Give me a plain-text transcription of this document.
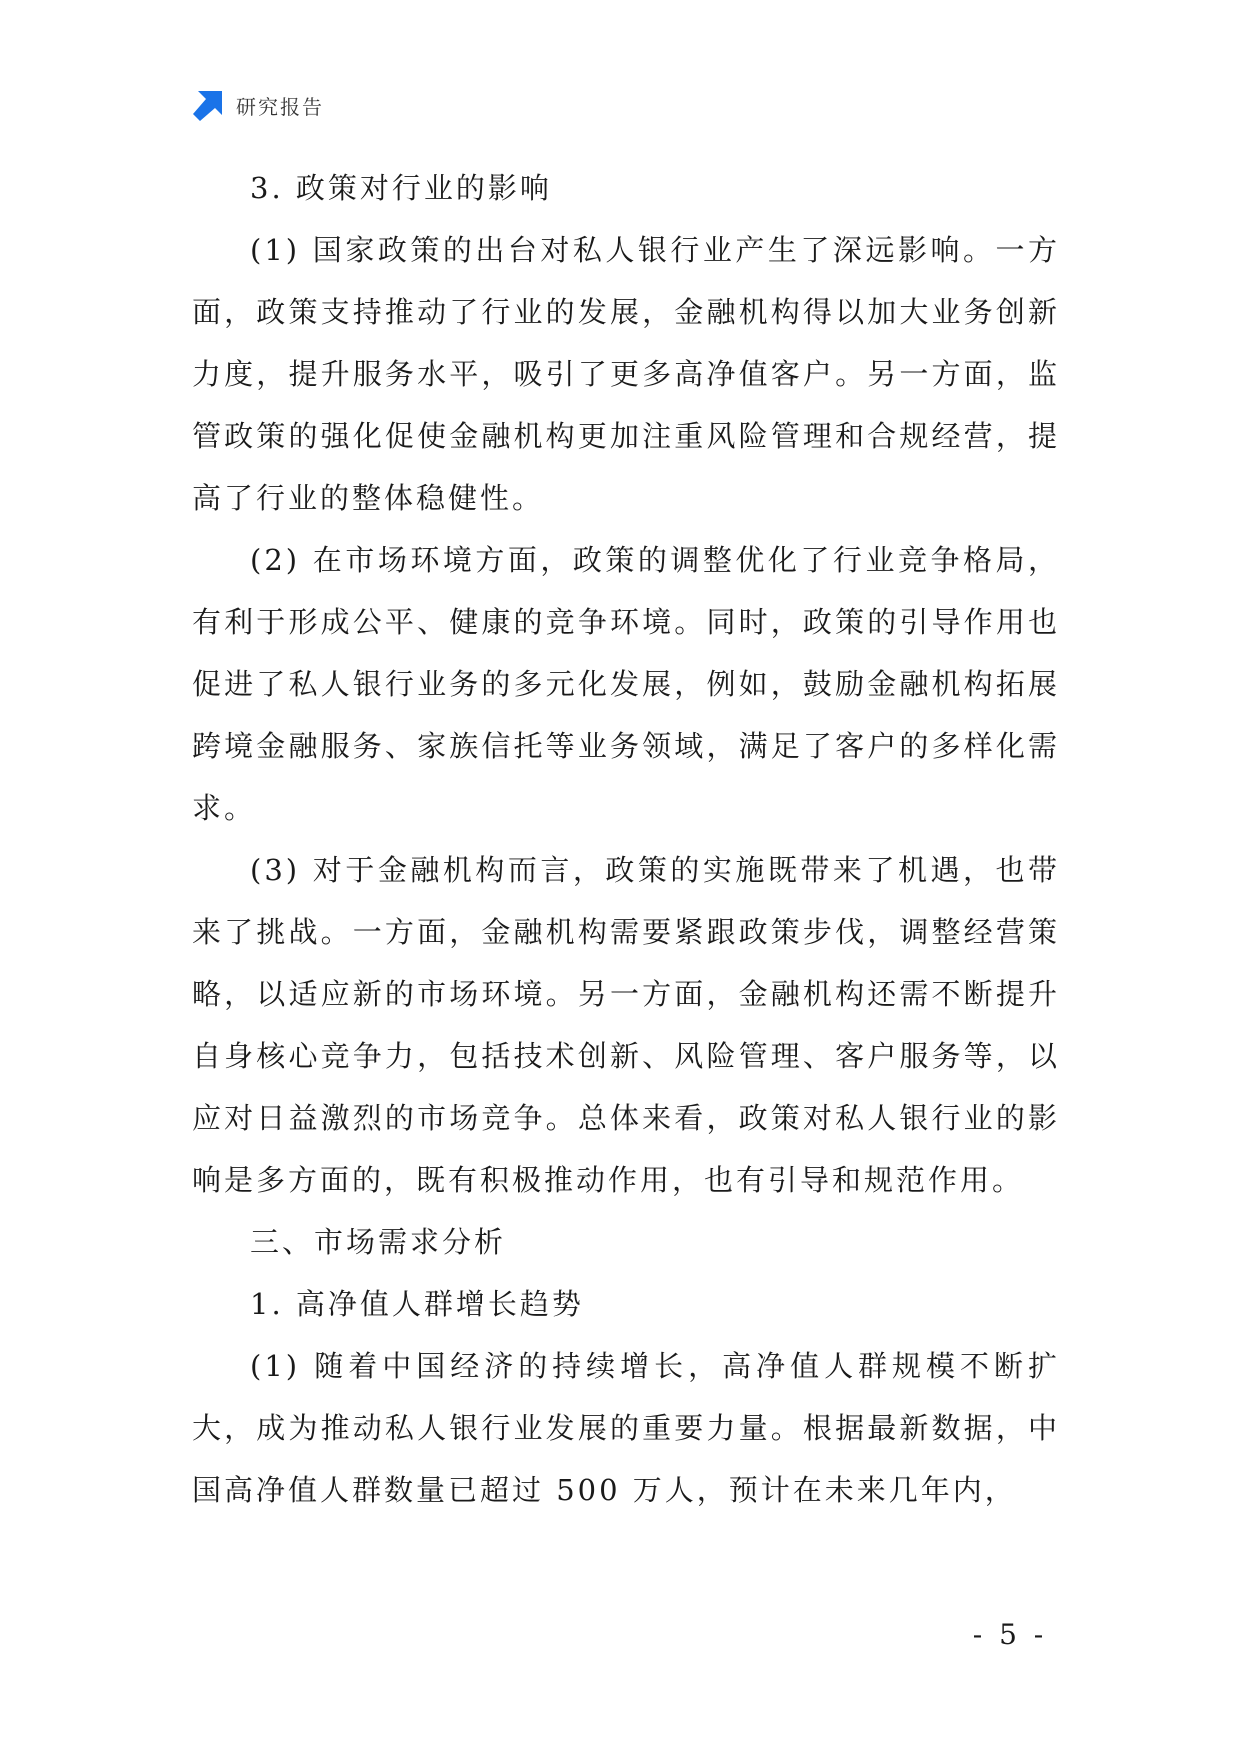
研究报告

3. 政策对行业的影响

(1) 国家政策的出台对私人银行业产生了深远影响。一方面，政策支持推动了行业的发展，金融机构得以加大业务创新力度，提升服务水平，吸引了更多高净值客户。另一方面，监管政策的强化促使金融机构更加注重风险管理和合规经营，提高了行业的整体稳健性。

(2) 在市场环境方面，政策的调整优化了行业竞争格局，有利于形成公平、健康的竞争环境。同时，政策的引导作用也促进了私人银行业务的多元化发展，例如，鼓励金融机构拓展跨境金融服务、家族信托等业务领域，满足了客户的多样化需求。

(3) 对于金融机构而言，政策的实施既带来了机遇，也带来了挑战。一方面，金融机构需要紧跟政策步伐，调整经营策略，以适应新的市场环境。另一方面，金融机构还需不断提升自身核心竞争力，包括技术创新、风险管理、客户服务等，以应对日益激烈的市场竞争。总体来看，政策对私人银行业的影响是多方面的，既有积极推动作用，也有引导和规范作用。

三、市场需求分析

1. 高净值人群增长趋势

(1) 随着中国经济的持续增长，高净值人群规模不断扩大，成为推动私人银行业发展的重要力量。根据最新数据，中国高净值人群数量已超过 500 万人，预计在未来几年内，

- 5 -
